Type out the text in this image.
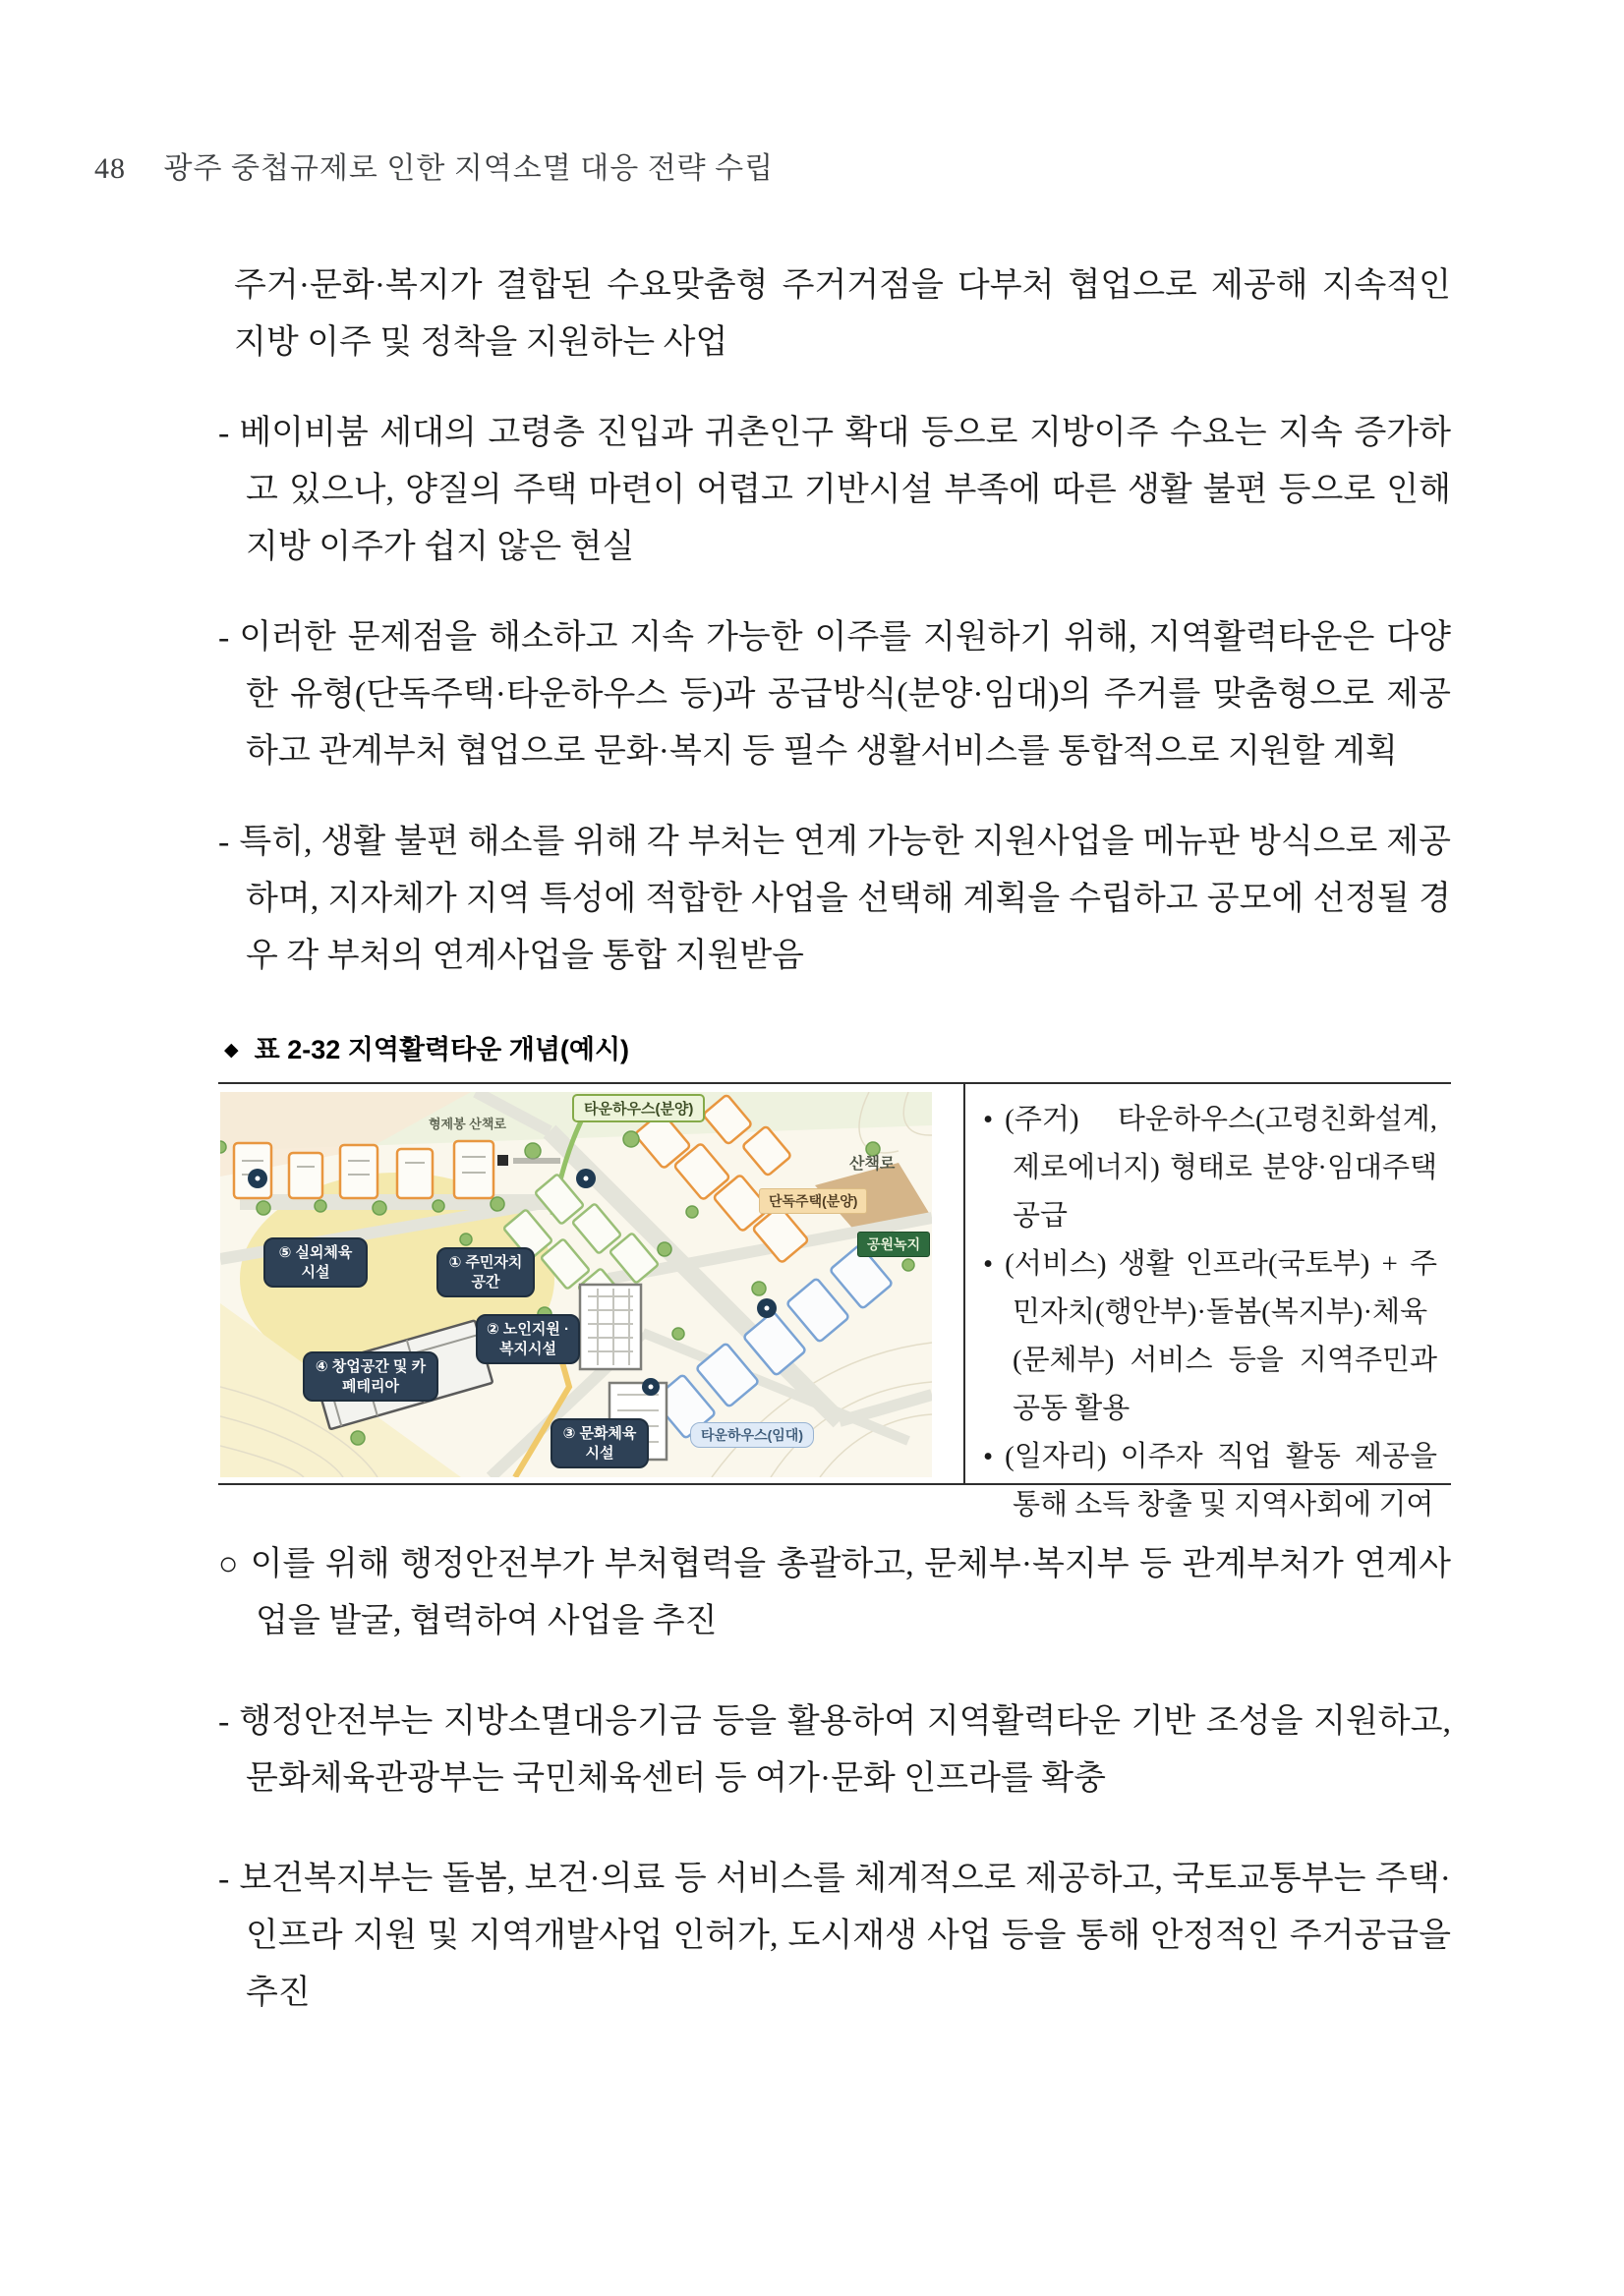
48 광주 중첩규제로 인한 지역소멸 대응 전략 수립

주거·문화·복지가 결합된 수요맞춤형 주거거점을 다부처 협업으로 제공해 지속적인 지방 이주 및 정착을 지원하는 사업

- 베이비붐 세대의 고령층 진입과 귀촌인구 확대 등으로 지방이주 수요는 지속 증가하고 있으나, 양질의 주택 마련이 어렵고 기반시설 부족에 따른 생활 불편 등으로 인해 지방 이주가 쉽지 않은 현실

- 이러한 문제점을 해소하고 지속 가능한 이주를 지원하기 위해, 지역활력타운은 다양한 유형(단독주택·타운하우스 등)과 공급방식(분양·임대)의 주거를 맞춤형으로 제공하고 관계부처 협업으로 문화·복지 등 필수 생활서비스를 통합적으로 지원할 계획

- 특히, 생활 불편 해소를 위해 각 부처는 연계 가능한 지원사업을 메뉴판 방식으로 제공하며, 지자체가 지역 특성에 적합한 사업을 선택해 계획을 수립하고 공모에 선정될 경우 각 부처의 연계사업을 통합 지원받음

◆ 표 2-32 지역활력타운 개념(예시)
타운하우스(분양)
형제봉 산책로
산책로
단독주택(분양)
공원녹지
⑤ 실외체육 시설
① 주민자치 공간
② 노인지원 ·복지시설
④ 창업공간 및 카페테리아
③ 문화체육 시설
타운하우스(임대)
• (주거) 타운하우스(고령친화설계, 제로에너지) 형태로 분양·임대주택 공급
• (서비스) 생활 인프라(국토부) + 주민자치(행안부)·돌봄(복지부)·체육(문체부) 서비스 등을 지역주민과 공동 활용
• (일자리) 이주자 직업 활동 제공을 통해 소득 창출 및 지역사회에 기여

○ 이를 위해 행정안전부가 부처협력을 총괄하고, 문체부·복지부 등 관계부처가 연계사업을 발굴, 협력하여 사업을 추진

- 행정안전부는 지방소멸대응기금 등을 활용하여 지역활력타운 기반 조성을 지원하고, 문화체육관광부는 국민체육센터 등 여가·문화 인프라를 확충

- 보건복지부는 돌봄, 보건·의료 등 서비스를 체계적으로 제공하고, 국토교통부는 주택·인프라 지원 및 지역개발사업 인허가, 도시재생 사업 등을 통해 안정적인 주거공급을 추진
